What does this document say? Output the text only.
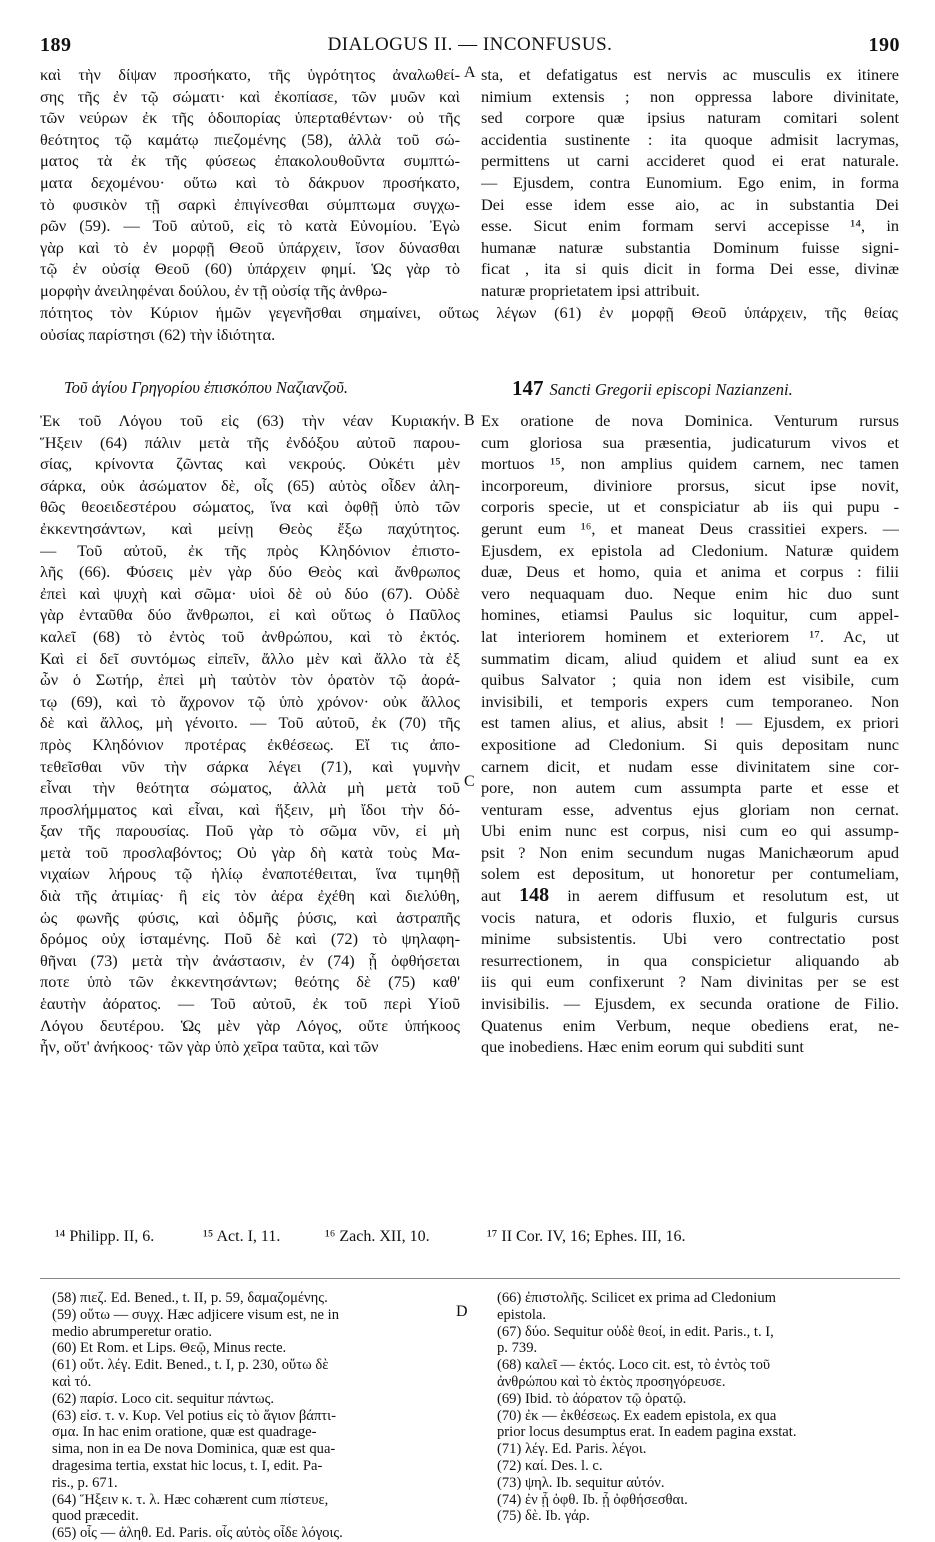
189	DIALOGUS II. — INCONFUSUS.	190
A
B
C
D
καὶ τὴν δίψαν προσήκατο, τῆς ὑγρότητος ἀναλωθεί-
σης τῆς ἐν τῷ σώματι· καὶ ἐκοπίασε, τῶν μυῶν καὶ
τῶν νεύρων ἐκ τῆς ὁδοιπορίας ὑπερταθέντων· οὐ τῆς
θεότητος τῷ καμάτῳ πιεζομένης (58), ἀλλὰ τοῦ σώ-
ματος τὰ ἐκ τῆς φύσεως ἐπακολουθοῦντα συμπτώ-
ματα δεχομένου· οὕτω καὶ τὸ δάκρυον προσήκατο,
τὸ φυσικὸν τῇ σαρκὶ ἐπιγίνεσθαι σύμπτωμα συγχω-
ρῶν (59). — Τοῦ αὐτοῦ, εἰς τὸ κατὰ Εὐνομίου. Ἐγὼ
γὰρ καὶ τὸ ἐν μορφῇ Θεοῦ ὑπάρχειν, ἴσον δύνασθαι
τῷ ἐν οὐσίᾳ Θεοῦ (60) ὑπάρχειν φημί. Ὡς γὰρ τὸ
μορφὴν ἀνειληφέναι δούλου, ἐν τῇ οὐσίᾳ τῆς ἀνθρω-
sta, et defatigatus est nervis ac musculis ex itinere
nimium extensis ; non oppressa labore divinitate,
sed corpore quæ ipsius naturam comitari solent
accidentia sustinente : ita quoque admisit lacrymas,
permittens ut carni accideret quod ei erat naturale.
— Ejusdem, contra Eunomium. Ego enim, in forma
Dei esse idem esse aio, ac in substantia Dei
esse. Sicut enim formam servi accepisse ¹⁴, in
humanæ naturæ substantia Dominum fuisse signi-
ficat , ita si quis dicit in forma Dei esse, divinæ
naturæ proprietatem ipsi attribuit.
πότητος τὸν Κύριον ἡμῶν γεγενῆσθαι σημαίνει, οὕτως λέγων (61) ἐν μορφῇ Θεοῦ ὑπάρχειν, τῆς θείας
οὐσίας παρίστησι (62) τὴν ἰδιότητα.
Τοῦ ἁγίου Γρηγορίου ἐπισκόπου Ναζιανζοῦ.	147 Sancti Gregorii episcopi Nazianzeni.
Ἐκ τοῦ Λόγου τοῦ εἰς (63) τὴν νέαν Κυριακήν.
Ἥξειν (64) πάλιν μετὰ τῆς ἐνδόξου αὐτοῦ παρου-
σίας, κρίνοντα ζῶντας καὶ νεκρούς. Οὐκέτι μὲν
σάρκα, οὐκ ἀσώματον δὲ, οἷς (65) αὐτὸς οἶδεν ἀλη-
θῶς θεοειδεστέρου σώματος, ἵνα καὶ ὀφθῇ ὑπὸ τῶν
ἐκκεντησάντων, καὶ μείνῃ Θεὸς ἔξω παχύτητος.
— Τοῦ αὐτοῦ, ἐκ τῆς πρὸς Κληδόνιον ἐπιστο-
λῆς (66). Φύσεις μὲν γὰρ δύο Θεὸς καὶ ἄνθρωπος
ἐπεὶ καὶ ψυχὴ καὶ σῶμα· υἱοὶ δὲ οὐ δύο (67). Οὐδὲ
γὰρ ἐνταῦθα δύο ἄνθρωποι, εἰ καὶ οὕτως ὁ Παῦλος
καλεῖ (68) τὸ ἐντὸς τοῦ ἀνθρώπου, καὶ τὸ ἐκτός.
Καὶ εἰ δεῖ συντόμως εἰπεῖν, ἄλλο μὲν καὶ ἄλλο τὰ ἐξ
ὧν ὁ Σωτήρ, ἐπεὶ μὴ ταὐτὸν τὸν ὁρατὸν τῷ ἀορά-
τῳ (69), καὶ τὸ ἄχρονον τῷ ὑπὸ χρόνον· οὐκ ἄλλος
δὲ καὶ ἄλλος, μὴ γένοιτο. — Τοῦ αὐτοῦ, ἐκ (70) τῆς
πρὸς Κληδόνιον προτέρας ἐκθέσεως. Εἴ τις ἀπο-
τεθεῖσθαι νῦν τὴν σάρκα λέγει (71), καὶ γυμνὴν
εἶναι τὴν θεότητα σώματος, ἀλλὰ μὴ μετὰ τοῦ
προσλήμματος καὶ εἶναι, καὶ ἥξειν, μὴ ἴδοι τὴν δό-
ξαν τῆς παρουσίας. Ποῦ γὰρ τὸ σῶμα νῦν, εἰ μὴ
μετὰ τοῦ προσλαβόντος; Οὐ γὰρ δὴ κατὰ τοὺς Μα-
νιχαίων λήρους τῷ ἡλίῳ ἐναποτέθειται, ἵνα τιμηθῇ
διὰ τῆς ἀτιμίας· ἢ εἰς τὸν ἀέρα ἐχέθη καὶ διελύθη,
ὡς φωνῆς φύσις, καὶ ὀδμῆς ῥύσις, καὶ ἀστραπῆς
δρόμος οὐχ ἱσταμένης. Ποῦ δὲ καὶ (72) τὸ ψηλαφη-
θῆναι (73) μετὰ τὴν ἀνάστασιν, ἐν (74) ᾗ ὀφθήσεται
ποτε ὑπὸ τῶν ἐκκεντησάντων; θεότης δὲ (75) καθ'
ἑαυτὴν ἀόρατος. — Τοῦ αὐτοῦ, ἐκ τοῦ περὶ Υἱοῦ
Λόγου δευτέρου. Ὡς μὲν γὰρ Λόγος, οὔτε ὑπήκοος
ἦν, οὔτ' ἀνήκοος· τῶν γὰρ ὑπὸ χεῖρα ταῦτα, καὶ τῶν
Ex oratione de nova Dominica. Venturum rursus
cum gloriosa sua præsentia, judicaturum vivos et
mortuos ¹⁵, non amplius quidem carnem, nec tamen
incorporeum, diviniore prorsus, sicut ipse novit,
corporis specie, ut et conspiciatur ab iis qui pupu -
gerunt eum ¹⁶, et maneat Deus crassitiei expers. —
Ejusdem, ex epistola ad Cledonium. Naturæ quidem
duæ, Deus et homo, quia et anima et corpus : filii
vero nequaquam duo. Neque enim hic duo sunt
homines, etiamsi Paulus sic loquitur, cum appel-
lat interiorem hominem et exteriorem ¹⁷. Ac, ut
summatim dicam, aliud quidem et aliud sunt ea ex
quibus Salvator ; quia non idem est visibile, cum
invisibili, et temporis expers cum temporaneo. Non
est tamen alius, et alius, absit ! — Ejusdem, ex priori
expositione ad Cledonium. Si quis depositam nunc
carnem dicit, et nudam esse divinitatem sine cor-
pore, non autem cum assumpta parte et esse et
venturam esse, adventus ejus gloriam non cernat.
Ubi enim nunc est corpus, nisi cum eo qui assump-
psit ? Non enim secundum nugas Manichæorum apud
solem est depositum, ut honoretur per contumeliam,
aut 148 in aerem diffusum et resolutum est, ut
vocis natura, et odoris fluxio, et fulguris cursus
minime subsistentis. Ubi vero contrectatio post
resurrectionem, in qua conspicietur aliquando ab
iis qui eum confixerunt ? Nam divinitas per se est
invisibilis. — Ejusdem, ex secunda oratione de Filio.
Quatenus enim Verbum, neque obediens erat, ne-
que inobediens. Hæc enim eorum qui subditi sunt
¹⁴ Philipp. II, 6.	¹⁵ Act. I, 11.	¹⁶ Zach. XII, 10.	¹⁷ II Cor. IV, 16; Ephes. III, 16.
(58) πιεζ. Ed. Bened., t. II, p. 59, δαμαζομένης.
(59) οὕτω — συγχ. Hæc adjicere visum est, ne in
medio abrumperetur oratio.
(60) Et Rom. et Lips. Θεῷ, Minus recte.
(61) οὕτ. λέγ. Edit. Bened., t. I, p. 230, οὕτω δὲ
καὶ τό.
(62) παρίσ. Loco cit. sequitur πάντως.
(63) εἰσ. τ. ν. Κυρ. Vel potius εἰς τὸ ἅγιον βάπτι-
σμα. In hac enim oratione, quæ est quadrage-
sima, non in ea De nova Dominica, quæ est qua-
dragesima tertia, exstat hic locus, t. I, edit. Pa-
ris., p. 671.
(64) Ἥξειν κ. τ. λ. Hæc cohærent cum πίστευε,
quod præcedit.
(65) οἷς — ἀληθ. Ed. Paris. οἷς αὐτὸς οἶδε λόγοις.
(66) ἐπιστολῆς. Scilicet ex prima ad Cledonium
epistola.
(67) δύο. Sequitur οὐδὲ θεοί, in edit. Paris., t. I,
p. 739.
(68) καλεῖ — ἐκτός. Loco cit. est, τὸ ἐντὸς τοῦ
ἀνθρώπου καὶ τὸ ἐκτὸς προσηγόρευσε.
(69) Ibid. τὸ ἀόρατον τῷ ὁρατῷ.
(70) ἐκ — ἐκθέσεως. Ex eadem epistola, ex qua
prior locus desumptus erat. In eadem pagina exstat.
(71) λέγ. Ed. Paris. λέγοι.
(72) καί. Des. l. c.
(73) ψηλ. Ib. sequitur αὐτόν.
(74) ἐν ᾗ ὀφθ. Ib. ᾗ ὀφθήσεσθαι.
(75) δὲ. Ib. γάρ.
